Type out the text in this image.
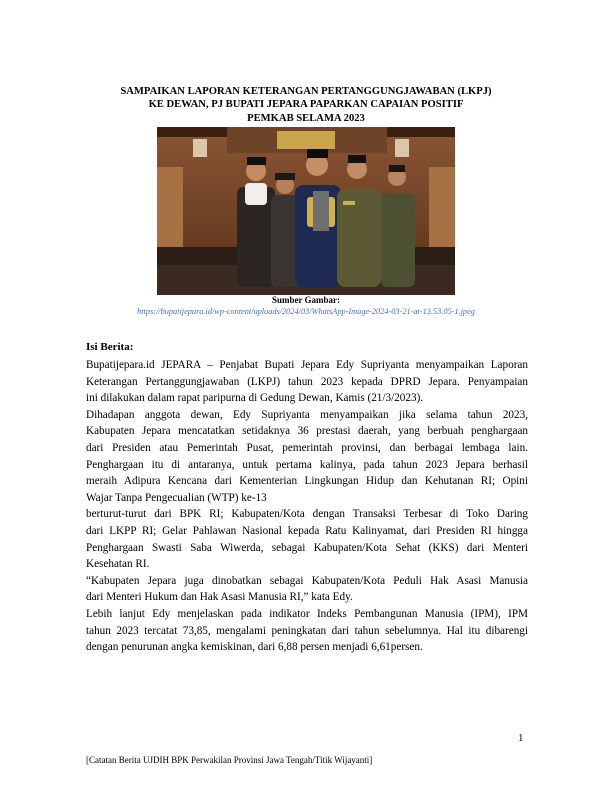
SAMPAIKAN LAPORAN KETERANGAN PERTANGGUNGJAWABAN (LKPJ)
KE DEWAN, PJ BUPATI JEPARA PAPARKAN CAPAIAN POSITIF
PEMKAB SELAMA 2023
Sumber Gambar:
https://bupatijepara.id/wp-content/uploads/2024/03/WhatsApp-Image-2024-03-21-at-13.53.05-1.jpeg
Isi Berita:
Bupatijepara.id JEPARA – Penjabat Bupati Jepara Edy Supriyanta menyampaikan Laporan
Keterangan Pertanggungjawaban (LKPJ) tahun 2023 kepada DPRD Jepara. Penyampaian
ini dilakukan dalam rapat paripurna di Gedung Dewan, Kamis (21/3/2023).
Dihadapan anggota dewan, Edy Supriyanta menyampaikan jika selama tahun 2023,
Kabupaten Jepara mencatatkan setidaknya 36 prestasi daerah, yang berbuah penghargaan
dari Presiden atau Pemerintah Pusat, pemerintah provinsi, dan berbagai lembaga lain.
Penghargaan itu di antaranya, untuk pertama kalinya, pada tahun 2023 Jepara berhasil
meraih Adipura Kencana dari Kementerian Lingkungan Hidup dan Kehutanan RI; Opini
Wajar Tanpa Pengecualian (WTP) ke-13
berturut-turut dari BPK RI; Kabupaten/Kota dengan Transaksi Terbesar di Toko Daring
dari LKPP RI; Gelar Pahlawan Nasional kepada Ratu Kalinyamat, dari Presiden RI hingga
Penghargaan Swasti Saba Wiwerda, sebagai Kabupaten/Kota Sehat (KKS) dari Menteri
Kesehatan RI.
“Kabupaten Jepara juga dinobatkan sebagai Kabupaten/Kota Peduli Hak Asasi Manusia
dari Menteri Hukum dan Hak Asasi Manusia RI,” kata Edy.
Lebih lanjut Edy menjelaskan pada indikator Indeks Pembangunan Manusia (IPM), IPM
tahun 2023 tercatat 73,85, mengalami peningkatan dari tahun sebelumnya. Hal itu dibarengi
dengan penurunan angka kemiskinan, dari 6,88 persen menjadi 6,61persen.
1
[Catatan Berita UJDIH BPK Perwakilan Provinsi Jawa Tengah/Titik Wijayanti]
